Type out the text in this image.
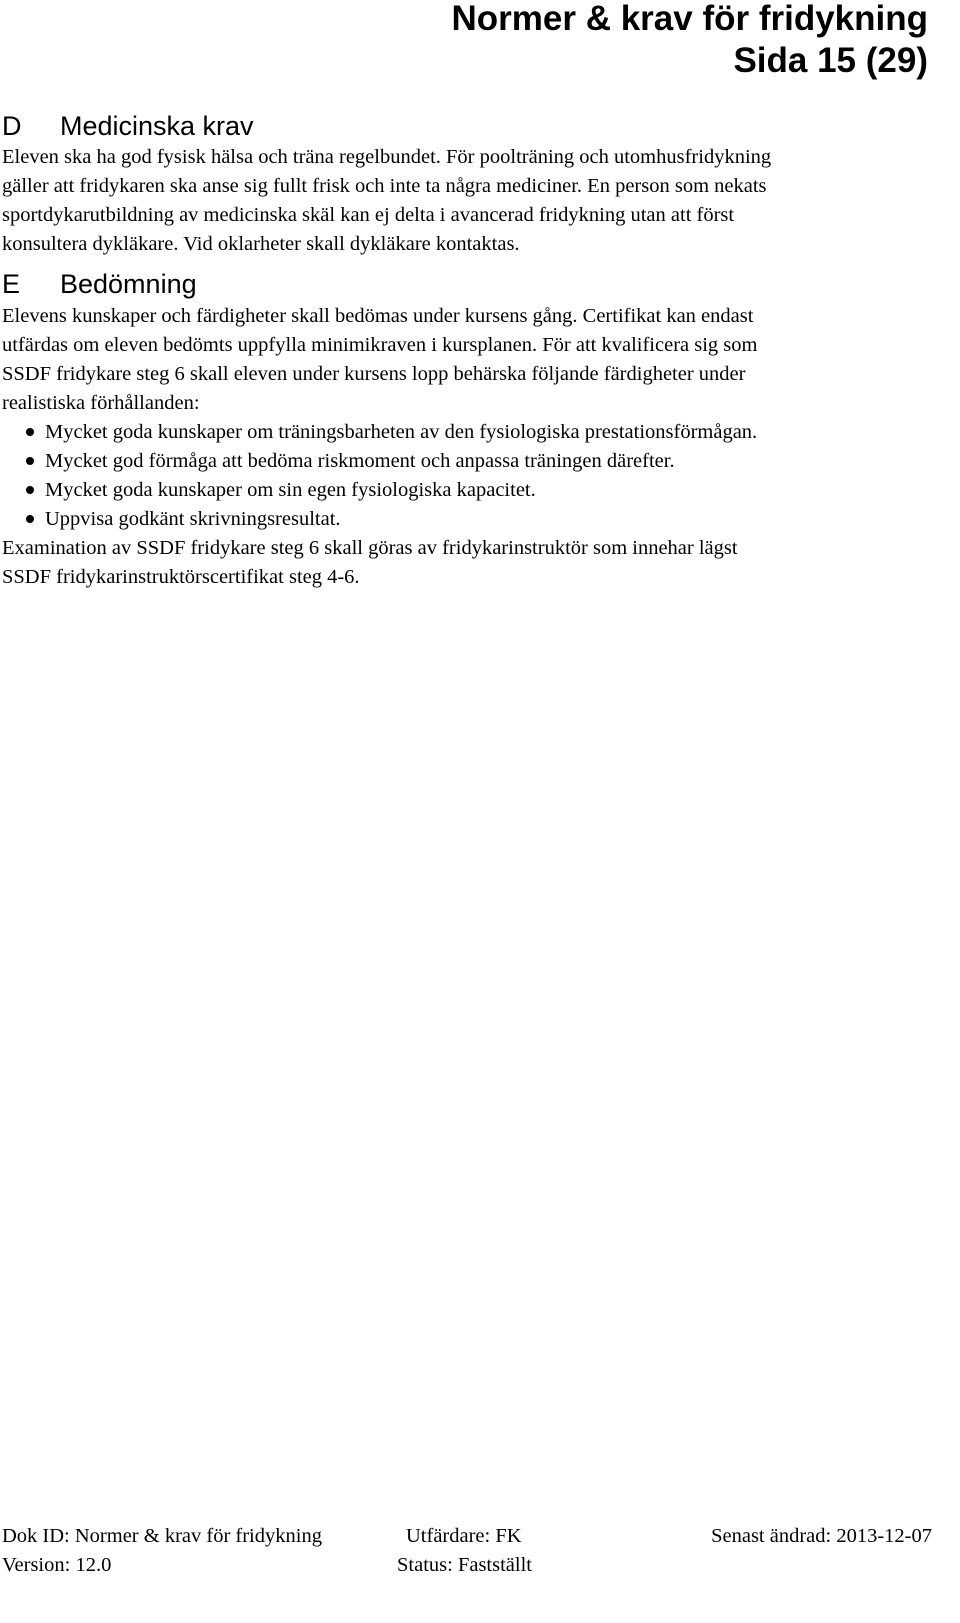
Normer & krav för fridykning
Sida 15 (29)
D Medicinska krav
Eleven ska ha god fysisk hälsa och träna regelbundet. För poolträning och utomhusfridykning
gäller att fridykaren ska anse sig fullt frisk och inte ta några mediciner. En person som nekats
sportdykarutbildning av medicinska skäl kan ej delta i avancerad fridykning utan att först
konsultera dykläkare. Vid oklarheter skall dykläkare kontaktas.
E Bedömning
Elevens kunskaper och färdigheter skall bedömas under kursens gång. Certifikat kan endast
utfärdas om eleven bedömts uppfylla minimikraven i kursplanen. För att kvalificera sig som
SSDF fridykare steg 6 skall eleven under kursens lopp behärska följande färdigheter under
realistiska förhållanden:
Mycket goda kunskaper om träningsbarheten av den fysiologiska prestationsförmågan.
Mycket god förmåga att bedöma riskmoment och anpassa träningen därefter.
Mycket goda kunskaper om sin egen fysiologiska kapacitet.
Uppvisa godkänt skrivningsresultat.
Examination av SSDF fridykare steg 6 skall göras av fridykarinstruktör som innehar lägst
SSDF fridykarinstruktörscertifikat steg 4-6.
Dok ID: Normer & krav för fridykning	Utfärdare: FK	Senast ändrad: 2013-12-07
Version: 12.0	Status: Fastställt
